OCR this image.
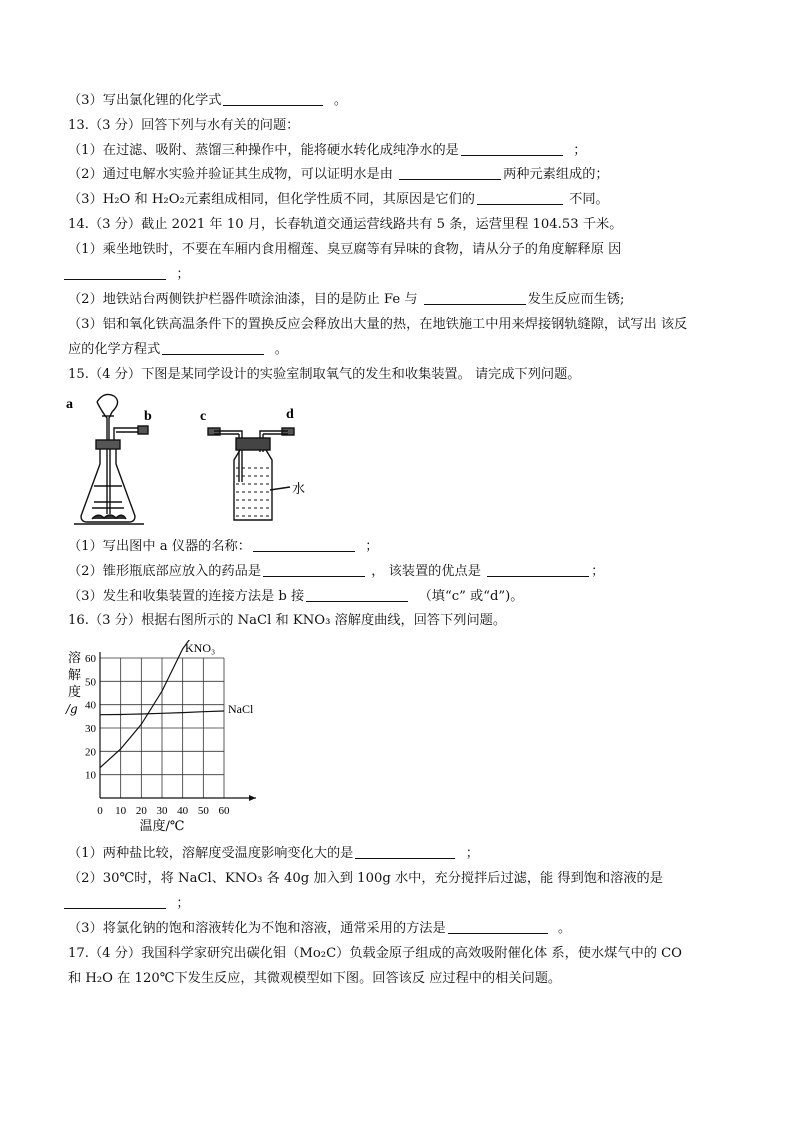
（3）写出氯化锂的化学式	。
13.（3 分）回答下列与水有关的问题：
（1）在过滤、吸附、蒸馏三种操作中，能将硬水转化成纯净水的是	；
（2）通过电解水实验并验证其生成物，可以证明水是由	两种元素组成的；
（3）H₂O 和 H₂O₂元素组成相同，但化学性质不同，其原因是它们的	不同。
14.（3 分）截止 2021 年 10 月，长春轨道交通运营线路共有 5 条，运营里程 104.53 千米。
（1）乘坐地铁时，不要在车厢内食用榴莲、臭豆腐等有异味的食物，请从分子的角度解释原 因
；
（2）地铁站台两侧铁护栏器件喷涂油漆，目的是防止 Fe 与	发生反应而生锈;
（3）铝和氧化铁高温条件下的置换反应会释放出大量的热，在地铁施工中用来焊接钢轨缝隙，试写出 该反
应的化学方程式	。
15.（4 分）下图是某同学设计的实验室制取氧气的发生和收集装置。 请完成下列问题。
a
b	c	d
水
（1）写出图中 a 仪器的名称：	；
（2）锥形瓶底部应放入的药品是	， 该装置的优点是	；
（3）发生和收集装置的连接方法是 b 接	（填“c” 或“d”)。
16.（3 分）根据右图所示的 NaCl 和 KNO₃ 溶解度曲线，回答下列问题。
0 10 20 30 40 50 60
10
20
30
40
50
60
溶
解
度
/g
温度/℃
KNO₃
NaCl
（1）两种盐比较，溶解度受温度影响变化大的是	；
（2）30℃时，将 NaCl、KNO₃ 各 40g 加入到 100g 水中，充分搅拌后过滤，能 得到饱和溶液的是
；
（3）将氯化钠的饱和溶液转化为不饱和溶液，通常采用的方法是	。
17.（4 分）我国科学家研究出碳化钼（Mo₂C）负载金原子组成的高效吸附催化体 系，使水煤气中的 CO
和 H₂O 在 120℃下发生反应，其微观模型如下图。回答该反 应过程中的相关问题。
